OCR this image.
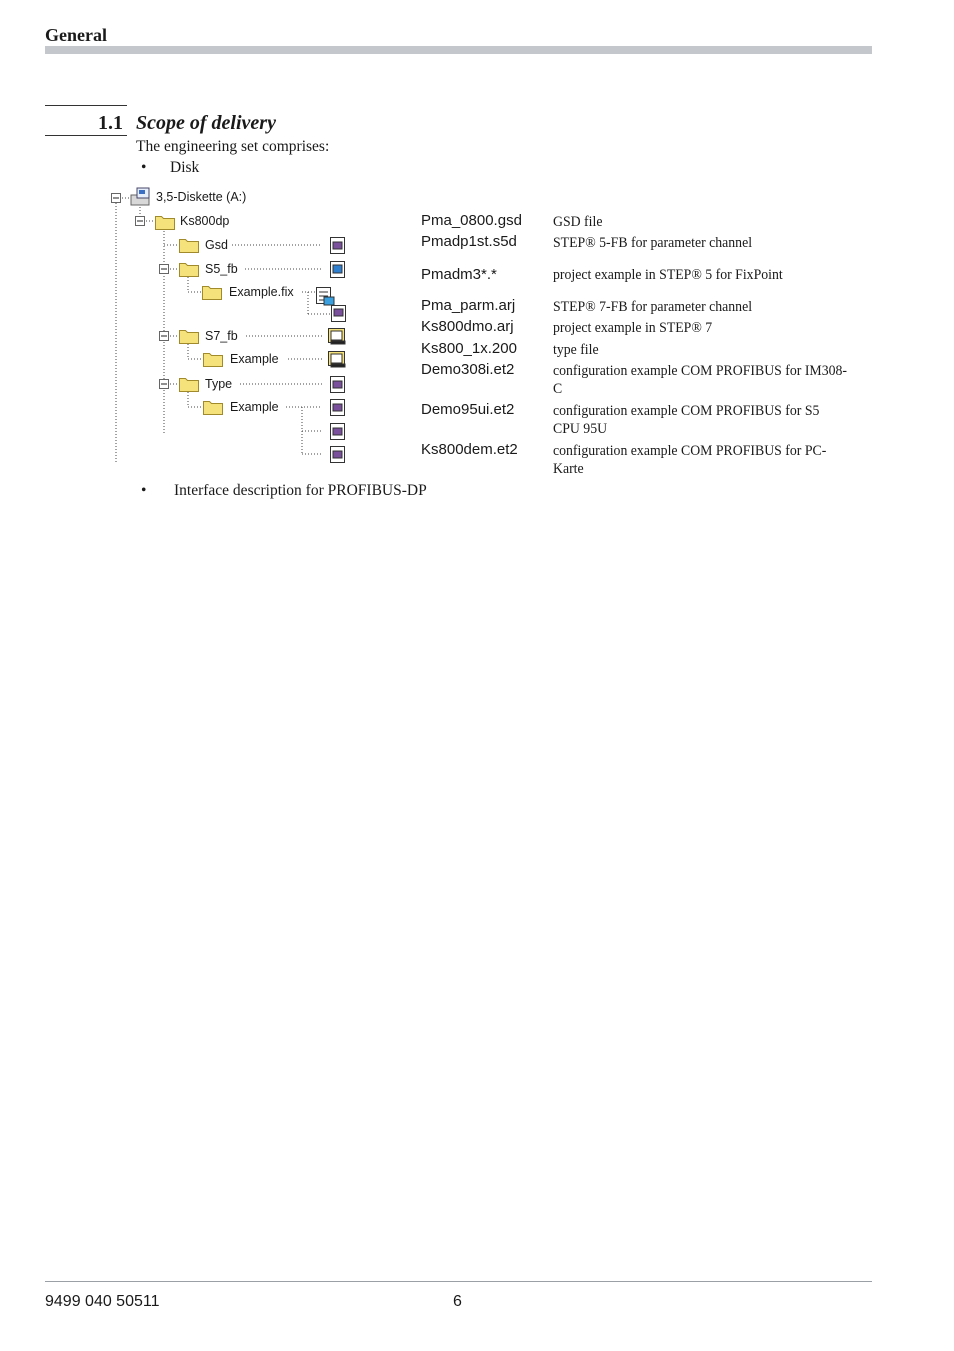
General
1.1 Scope of delivery
The engineering set comprises:
• Disk
3,5-Diskette (A:)
Ks800dp
Gsd
S5_fb
Example.fix
S7_fb
Example
Type
Example
Pma_0800.gsd GSD file
Pmadp1st.s5d STEP® 5-FB for parameter channel
Pmadm3*.*	project example in STEP® 5 for FixPoint
Pma_parm.arj	STEP® 7-FB for parameter channel
Ks800dmo.arj	project example in STEP® 7
Ks800_1x.200 type file
Demo308i.et2	configuration example COM PROFIBUS for IM308-C
Demo95ui.et2	configuration example COM PROFIBUS for S5 CPU 95U
Ks800dem.et2 configuration example COM PROFIBUS for PC-Karte
• Interface description for PROFIBUS-DP
9499 040 50511	6
